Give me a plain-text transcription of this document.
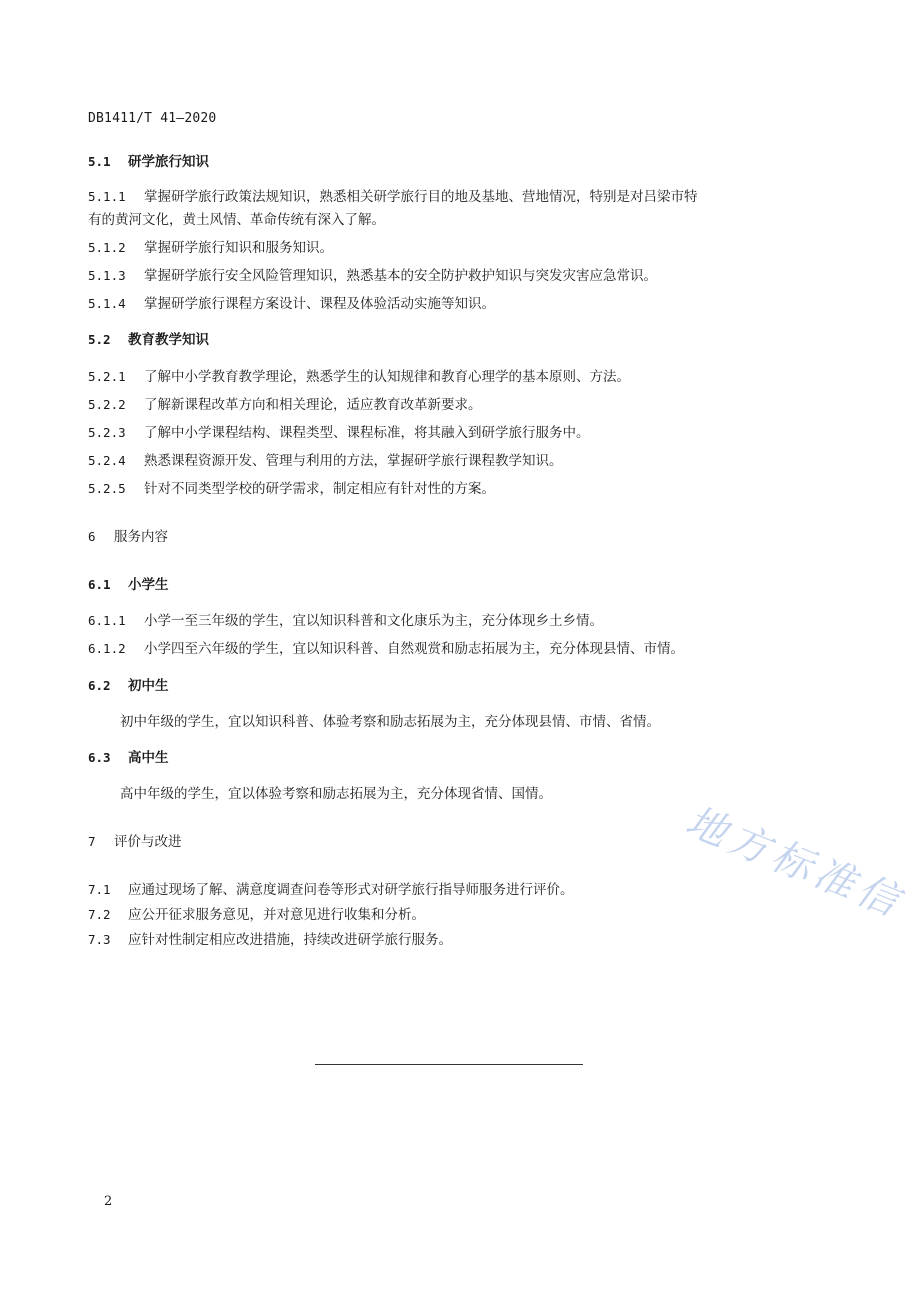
DB1411/T 41—2020
5.1 研学旅行知识
5.1.1 掌握研学旅行政策法规知识，熟悉相关研学旅行目的地及基地、营地情况，特别是对吕梁市特
有的黄河文化，黄土风情、革命传统有深入了解。
5.1.2 掌握研学旅行知识和服务知识。
5.1.3 掌握研学旅行安全风险管理知识，熟悉基本的安全防护救护知识与突发灾害应急常识。
5.1.4 掌握研学旅行课程方案设计、课程及体验活动实施等知识。
5.2 教育教学知识
5.2.1 了解中小学教育教学理论，熟悉学生的认知规律和教育心理学的基本原则、方法。
5.2.2 了解新课程改革方向和相关理论，适应教育改革新要求。
5.2.3 了解中小学课程结构、课程类型、课程标准，将其融入到研学旅行服务中。
5.2.4 熟悉课程资源开发、管理与利用的方法，掌握研学旅行课程教学知识。
5.2.5 针对不同类型学校的研学需求，制定相应有针对性的方案。
6 服务内容
6.1 小学生
6.1.1 小学一至三年级的学生，宜以知识科普和文化康乐为主，充分体现乡土乡情。
6.1.2 小学四至六年级的学生，宜以知识科普、自然观赏和励志拓展为主，充分体现县情、市情。
6.2 初中生
初中年级的学生，宜以知识科普、体验考察和励志拓展为主，充分体现县情、市情、省情。
6.3 高中生
高中年级的学生，宜以体验考察和励志拓展为主，充分体现省情、国情。
7 评价与改进
7.1 应通过现场了解、满意度调查问卷等形式对研学旅行指导师服务进行评价。
7.2 应公开征求服务意见，并对意见进行收集和分析。
7.3 应针对性制定相应改进措施，持续改进研学旅行服务。
2
地方标准信
